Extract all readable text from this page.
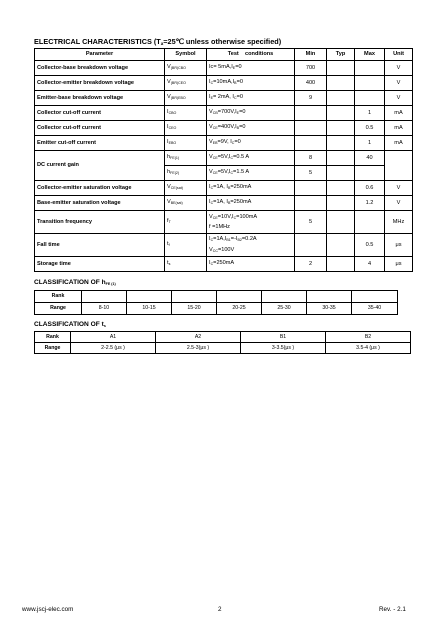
ELECTRICAL CHARACTERISTICS ($T_a=25℃$ unless otherwise specified)
Parameter	Symbol	Test    conditions	Min	Typ	Max	Unit
Collector-base breakdown voltage	$V_{(BR)CBO}$	$Ic= 5mA,I_E=0$	700			V
Collector-emitter breakdown voltage	$V_{(BR)CEO}$	$I_C=10mA,I_B=0$	400			V
Emitter-base breakdown voltage	$V_{(BR)EBO}$	$I_E= 2mA$, $I_C=0$	9			V
Collector cut-off current	$I_{CBO}$	$V_{CB}=700V,I_E=0$			1	mA
Collector cut-off current	$I_{CEO}$	$V_{CE}=400V,I_B=0$			0.5	mA
Emitter cut-off current	$I_{EBO}$	$V_{EB}=9V$, $I_C=0$			1	mA
DC current gain	$h_{FE(1)}$	$V_{CE}=5V,I_C=0.5$ A	8		40	
	$h_{FE(2)}$	$V_{CE}=5V,I_C=1.5$ A	5			
Collector-emitter saturation voltage	$V_{CE(sat)}$	$I_C=1A$, $I_B=250mA$			0.6	V
Base-emitter saturation voltage	$V_{BE(sat)}$	$I_C=1A$, $I_B=250mA$			1.2	V
Transition frequency	$f_T$	$V_{CE}=10V,I_C=100mA$
f =1MHz	5			MHz
Fall time	$t_f$	$I_C=1A,I_{B1}=-I_{B2}=0.2A$
$V_{CC}=100V$			0.5	μs
Storage time	$t_s$	$I_C=250mA$	2		4	μs
CLASSIFICATION OF $h_{FE (1)}$
Rank							
Range	8-10	10-15	15-20	20-25	25-30	30-35	35-40
CLASSIFICATION OF $t_s$
Rank	A1	A2	B1	B2
Range	2-2.5 (μs )	2.5-3(μs )	3-3.5(μs )	3.5-4 (μs )
www.jscj-elec.com	2	Rev. - 2.1
